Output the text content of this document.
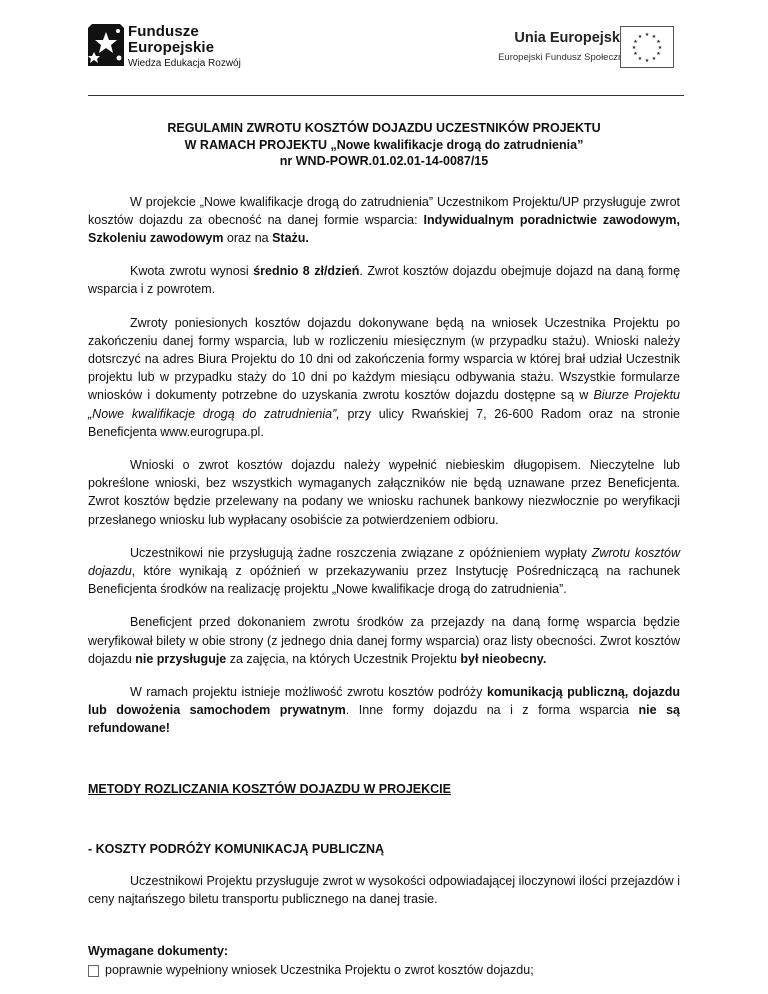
Fundusze
Europejskie
Wiedza Edukacja Rozwój
Unia Europejska
Europejski Fundusz Społeczny
★ ★
★
★
★
★
★
★
★
★
★
★
REGULAMIN ZWROTU KOSZTÓW DOJAZDU UCZESTNIKÓW PROJEKTU
W RAMACH PROJEKTU „Nowe kwalifikacje drogą do zatrudnienia”
nr WND-POWR.01.02.01-14-0087/15

W projekcie „Nowe kwalifikacje drogą do zatrudnienia” Uczestnikom Projektu/UP przysługuje zwrot kosztów dojazdu za obecność na danej formie wsparcia: Indywidualnym poradnictwie zawodowym, Szkoleniu zawodowym oraz na Stażu.

Kwota zwrotu wynosi średnio 8 zł/dzień. Zwrot kosztów dojazdu obejmuje dojazd na daną formę wsparcia i z powrotem.

Zwroty poniesionych kosztów dojazdu dokonywane będą na wniosek Uczestnika Projektu po zakończeniu danej formy wsparcia, lub w rozliczeniu miesięcznym (w przypadku stażu). Wnioski należy dotsrczyć na adres Biura Projektu do 10 dni od zakończenia formy wsparcia w której brał udział Uczestnik projektu lub w przypadku staży do 10 dni po każdym miesiącu odbywania stażu. Wszystkie formularze wniosków i dokumenty potrzebne do uzyskania zwrotu kosztów dojazdu dostępne są w Biurze Projektu „Nowe kwalifikacje drogą do zatrudnienia”, przy ulicy Rwańskiej 7, 26-600 Radom oraz na stronie Beneficjenta www.eurogrupa.pl.

Wnioski o zwrot kosztów dojazdu należy wypełnić niebieskim długopisem. Nieczytelne lub pokreślone wnioski, bez wszystkich wymaganych załączników nie będą uznawane przez Beneficjenta. Zwrot kosztów będzie przelewany na podany we wniosku rachunek bankowy niezwłocznie po weryfikacji przesłanego wniosku lub wypłacany osobiście za potwierdzeniem odbioru.

Uczestnikowi nie przysługują żadne roszczenia związane z opóźnieniem wypłaty Zwrotu kosztów dojazdu, które wynikają z opóźnień w przekazywaniu przez Instytucję Pośredniczącą na rachunek Beneficjenta środków na realizację projektu „Nowe kwalifikacje drogą do zatrudnienia”.

Beneficjent przed dokonaniem zwrotu środków za przejazdy na daną formę wsparcia będzie weryfikował bilety w obie strony (z jednego dnia danej formy wsparcia) oraz listy obecności. Zwrot kosztów dojazdu nie przysługuje za zajęcia, na których Uczestnik Projektu był nieobecny.

W ramach projektu istnieje możliwość zwrotu kosztów podróży komunikacją publiczną, dojazdu lub dowożenia samochodem prywatnym. Inne formy dojazdu na i z forma wsparcia nie są refundowane!

METODY ROZLICZANIA KOSZTÓW DOJAZDU W PROJEKCIE

- KOSZTY PODRÓŻY KOMUNIKACJĄ PUBLICZNĄ

Uczestnikowi Projektu przysługuje zwrot w wysokości odpowiadającej iloczynowi ilości przejazdów i ceny najtańszego biletu transportu publicznego na danej trasie.

Wymagane dokumenty:

poprawnie wypełniony wniosek Uczestnika Projektu o zwrot kosztów dojazdu;
